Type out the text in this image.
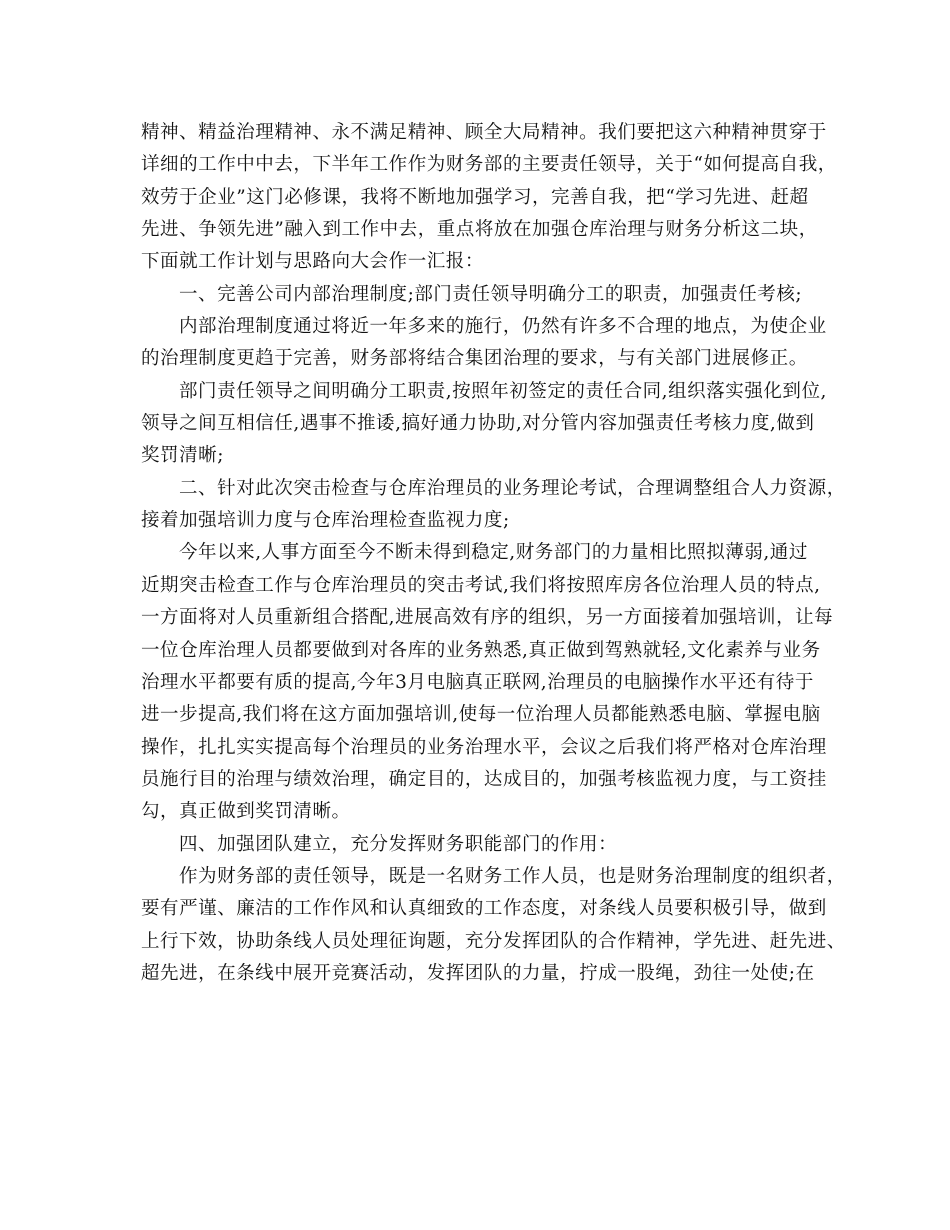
精神、精益治理精神、永不满足精神、顾全大局精神。我们要把这六种精神贯穿于
详细的工作中中去，下半年工作作为财务部的主要责任领导，关于“如何提高自我，
效劳于企业”这门必修课，我将不断地加强学习，完善自我，把“学习先进、赶超
先进、争领先进”融入到工作中去，重点将放在加强仓库治理与财务分析这二块，
下面就工作计划与思路向大会作一汇报：
一、完善公司内部治理制度;部门责任领导明确分工的职责，加强责任考核;
内部治理制度通过将近一年多来的施行，仍然有许多不合理的地点，为使企业
的治理制度更趋于完善，财务部将结合集团治理的要求，与有关部门进展修正。
部门责任领导之间明确分工职责,按照年初签定的责任合同,组织落实强化到位,
领导之间互相信任,遇事不推诿,搞好通力协助,对分管内容加强责任考核力度,做到
奖罚清晰;
二、针对此次突击检查与仓库治理员的业务理论考试，合理调整组合人力资源，
接着加强培训力度与仓库治理检查监视力度;
今年以来,人事方面至今不断未得到稳定,财务部门的力量相比照拟薄弱,通过
近期突击检查工作与仓库治理员的突击考试,我们将按照库房各位治理人员的特点,
一方面将对人员重新组合搭配,进展高效有序的组织，另一方面接着加强培训，让每
一位仓库治理人员都要做到对各库的业务熟悉,真正做到驾熟就轻,文化素养与业务
治理水平都要有质的提高,今年3月电脑真正联网,治理员的电脑操作水平还有待于
进一步提高,我们将在这方面加强培训,使每一位治理人员都能熟悉电脑、掌握电脑
操作，扎扎实实提高每个治理员的业务治理水平，会议之后我们将严格对仓库治理
员施行目的治理与绩效治理，确定目的，达成目的，加强考核监视力度，与工资挂
勾，真正做到奖罚清晰。
四、加强团队建立，充分发挥财务职能部门的作用：
作为财务部的责任领导，既是一名财务工作人员，也是财务治理制度的组织者，
要有严谨、廉洁的工作作风和认真细致的工作态度，对条线人员要积极引导，做到
上行下效，协助条线人员处理征询题，充分发挥团队的合作精神，学先进、赶先进、
超先进，在条线中展开竞赛活动，发挥团队的力量，拧成一股绳，劲往一处使;在
